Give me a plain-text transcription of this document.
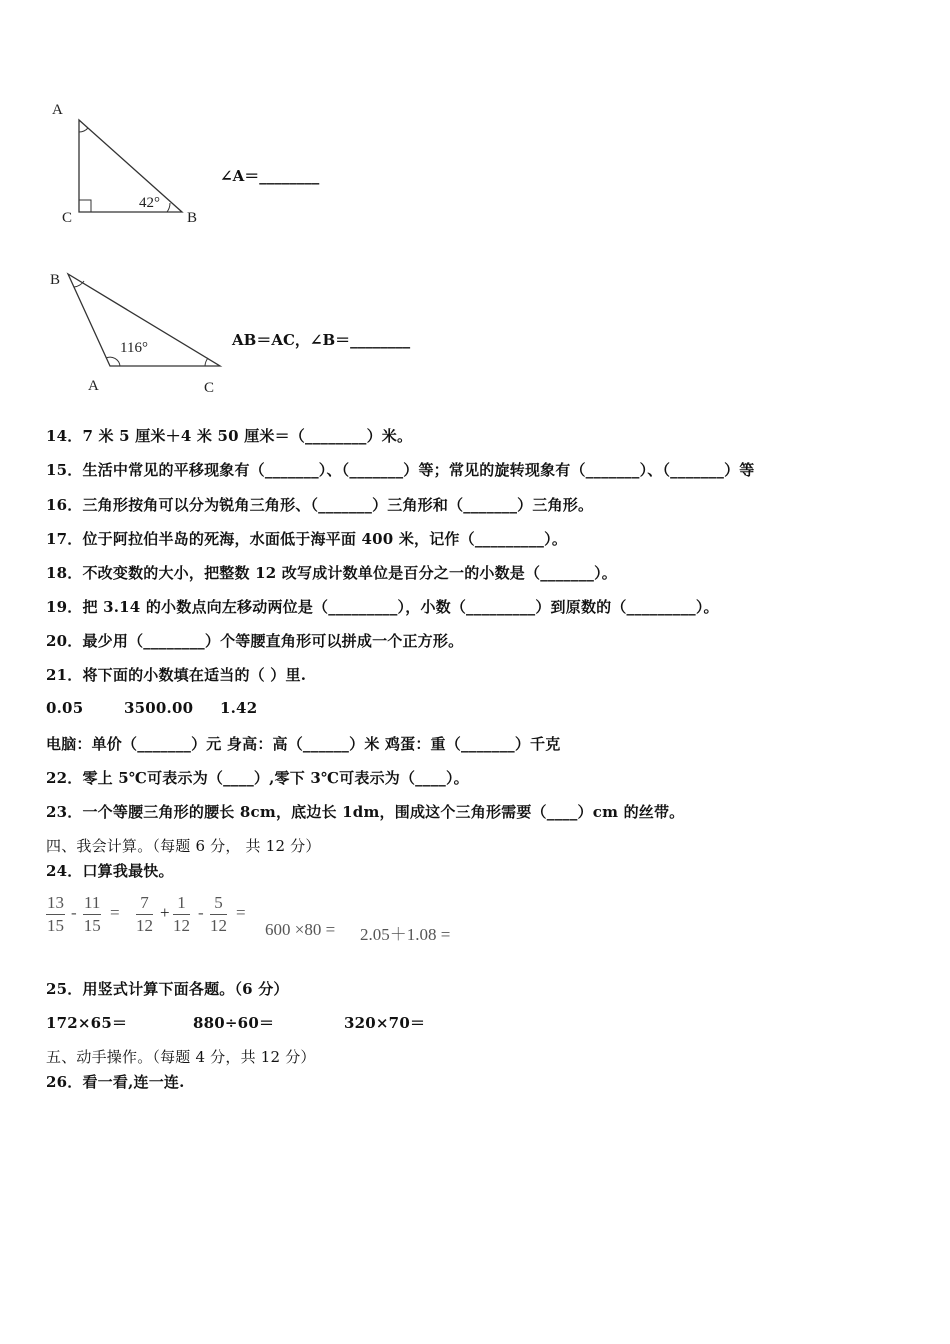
A
C	B
42°
∠A＝________
B
A	C
116°	AB＝AC，∠B＝________
14．7 米 5 厘米＋4 米 50 厘米＝（________）米。
15．生活中常见的平移现象有（_______）、（_______）等；常见的旋转现象有（_______）、（_______）等
16．三角形按角可以分为锐角三角形、（_______）三角形和（_______）三角形。
17．位于阿拉伯半岛的死海，水面低于海平面 400 米，记作（_________）。
18．不改变数的大小，把整数 12 改写成计数单位是百分之一的小数是（_______）。
19．把 3.14 的小数点向左移动两位是（_________），小数（_________）到原数的（_________）。
20．最少用（________）个等腰直角形可以拼成一个正方形。
21．将下面的小数填在适当的（ ）里.
0.05	3500.00 1.42
电脑：单价（_______）元 身高：高（______）米 鸡蛋：重（_______）千克
22．零上 5℃可表示为（____）,零下 3℃可表示为（____）。
23．一个等腰三角形的腰长 8cm，底边长 1dm，围成这个三角形需要（____）cm 的丝带。
四、我会计算。（每题 6 分， 共 12 分）
24．口算我最快。
$\frac{13}{15} - \frac{11}{15} = \frac{7}{12} + \frac{1}{12} - \frac{5}{12}$ =
600 ×80 = 2.05＋1.08 =
25．用竖式计算下面各题。（6 分）
172×65＝	880÷60＝	320×70＝
五、动手操作。（每题 4 分，共 12 分）
26．看一看,连一连.
